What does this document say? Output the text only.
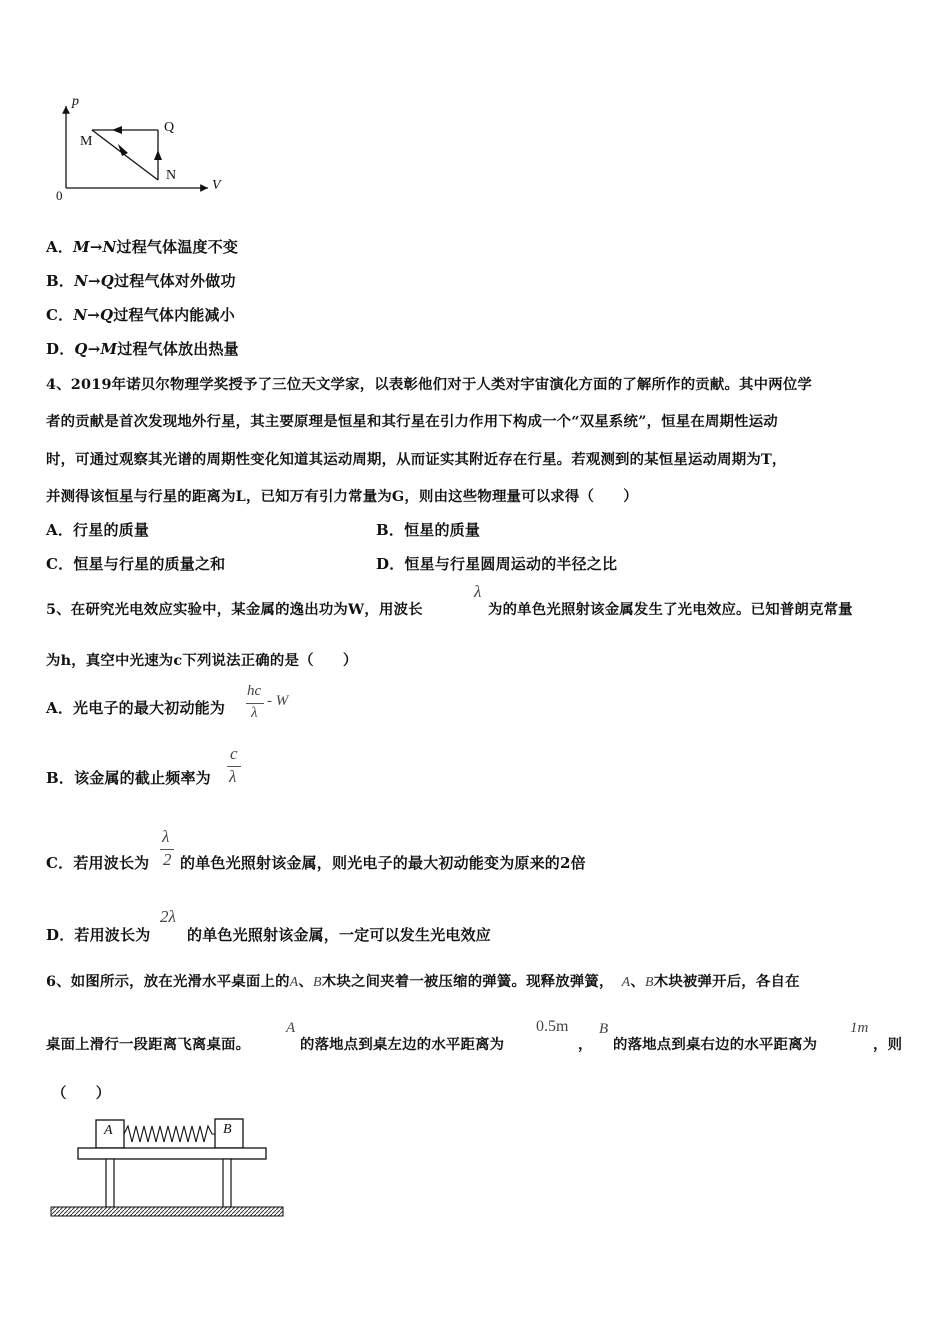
p
V
0
M
Q
N
A．M→N过程气体温度不变
B．N→Q过程气体对外做功
C．N→Q过程气体内能减小
D．Q→M过程气体放出热量
4、2019年诺贝尔物理学奖授予了三位天文学家，以表彰他们对于人类对宇宙演化方面的了解所作的贡献。其中两位学
者的贡献是首次发现地外行星，其主要原理是恒星和其行星在引力作用下构成一个“双星系统”，恒星在周期性运动
时，可通过观察其光谱的周期性变化知道其运动周期，从而证实其附近存在行星。若观测到的某恒星运动周期为T，
并测得该恒星与行星的距离为L，已知万有引力常量为G，则由这些物理量可以求得（　　）
A．行星的质量	B．恒星的质量
C．恒星与行星的质量之和	D．恒星与行星圆周运动的半径之比
5、在研究光电效应实验中，某金属的逸出功为W，用波长
λ
为的单色光照射该金属发生了光电效应。已知普朗克常量
为h，真空中光速为c下列说法正确的是（　　）
A．光电子的最大初动能为
hc
λ
- W
B．该金属的截止频率为
c
λ
C．若用波长为
λ
2 的单色光照射该金属，则光电子的最大初动能变为原来的2倍
D．若用波长为
2λ
的单色光照射该金属，一定可以发生光电效应
6、如图所示，放在光滑水平桌面上的A、B木块之间夹着一被压缩的弹簧。现释放弹簧， A、B木块被弹开后，各自在
桌面上滑行一段距离飞离桌面。
A
的落地点到桌左边的水平距离为
0.5m
，
B
的落地点到桌右边的水平距离为
1m
，则
（　　）
A	B
